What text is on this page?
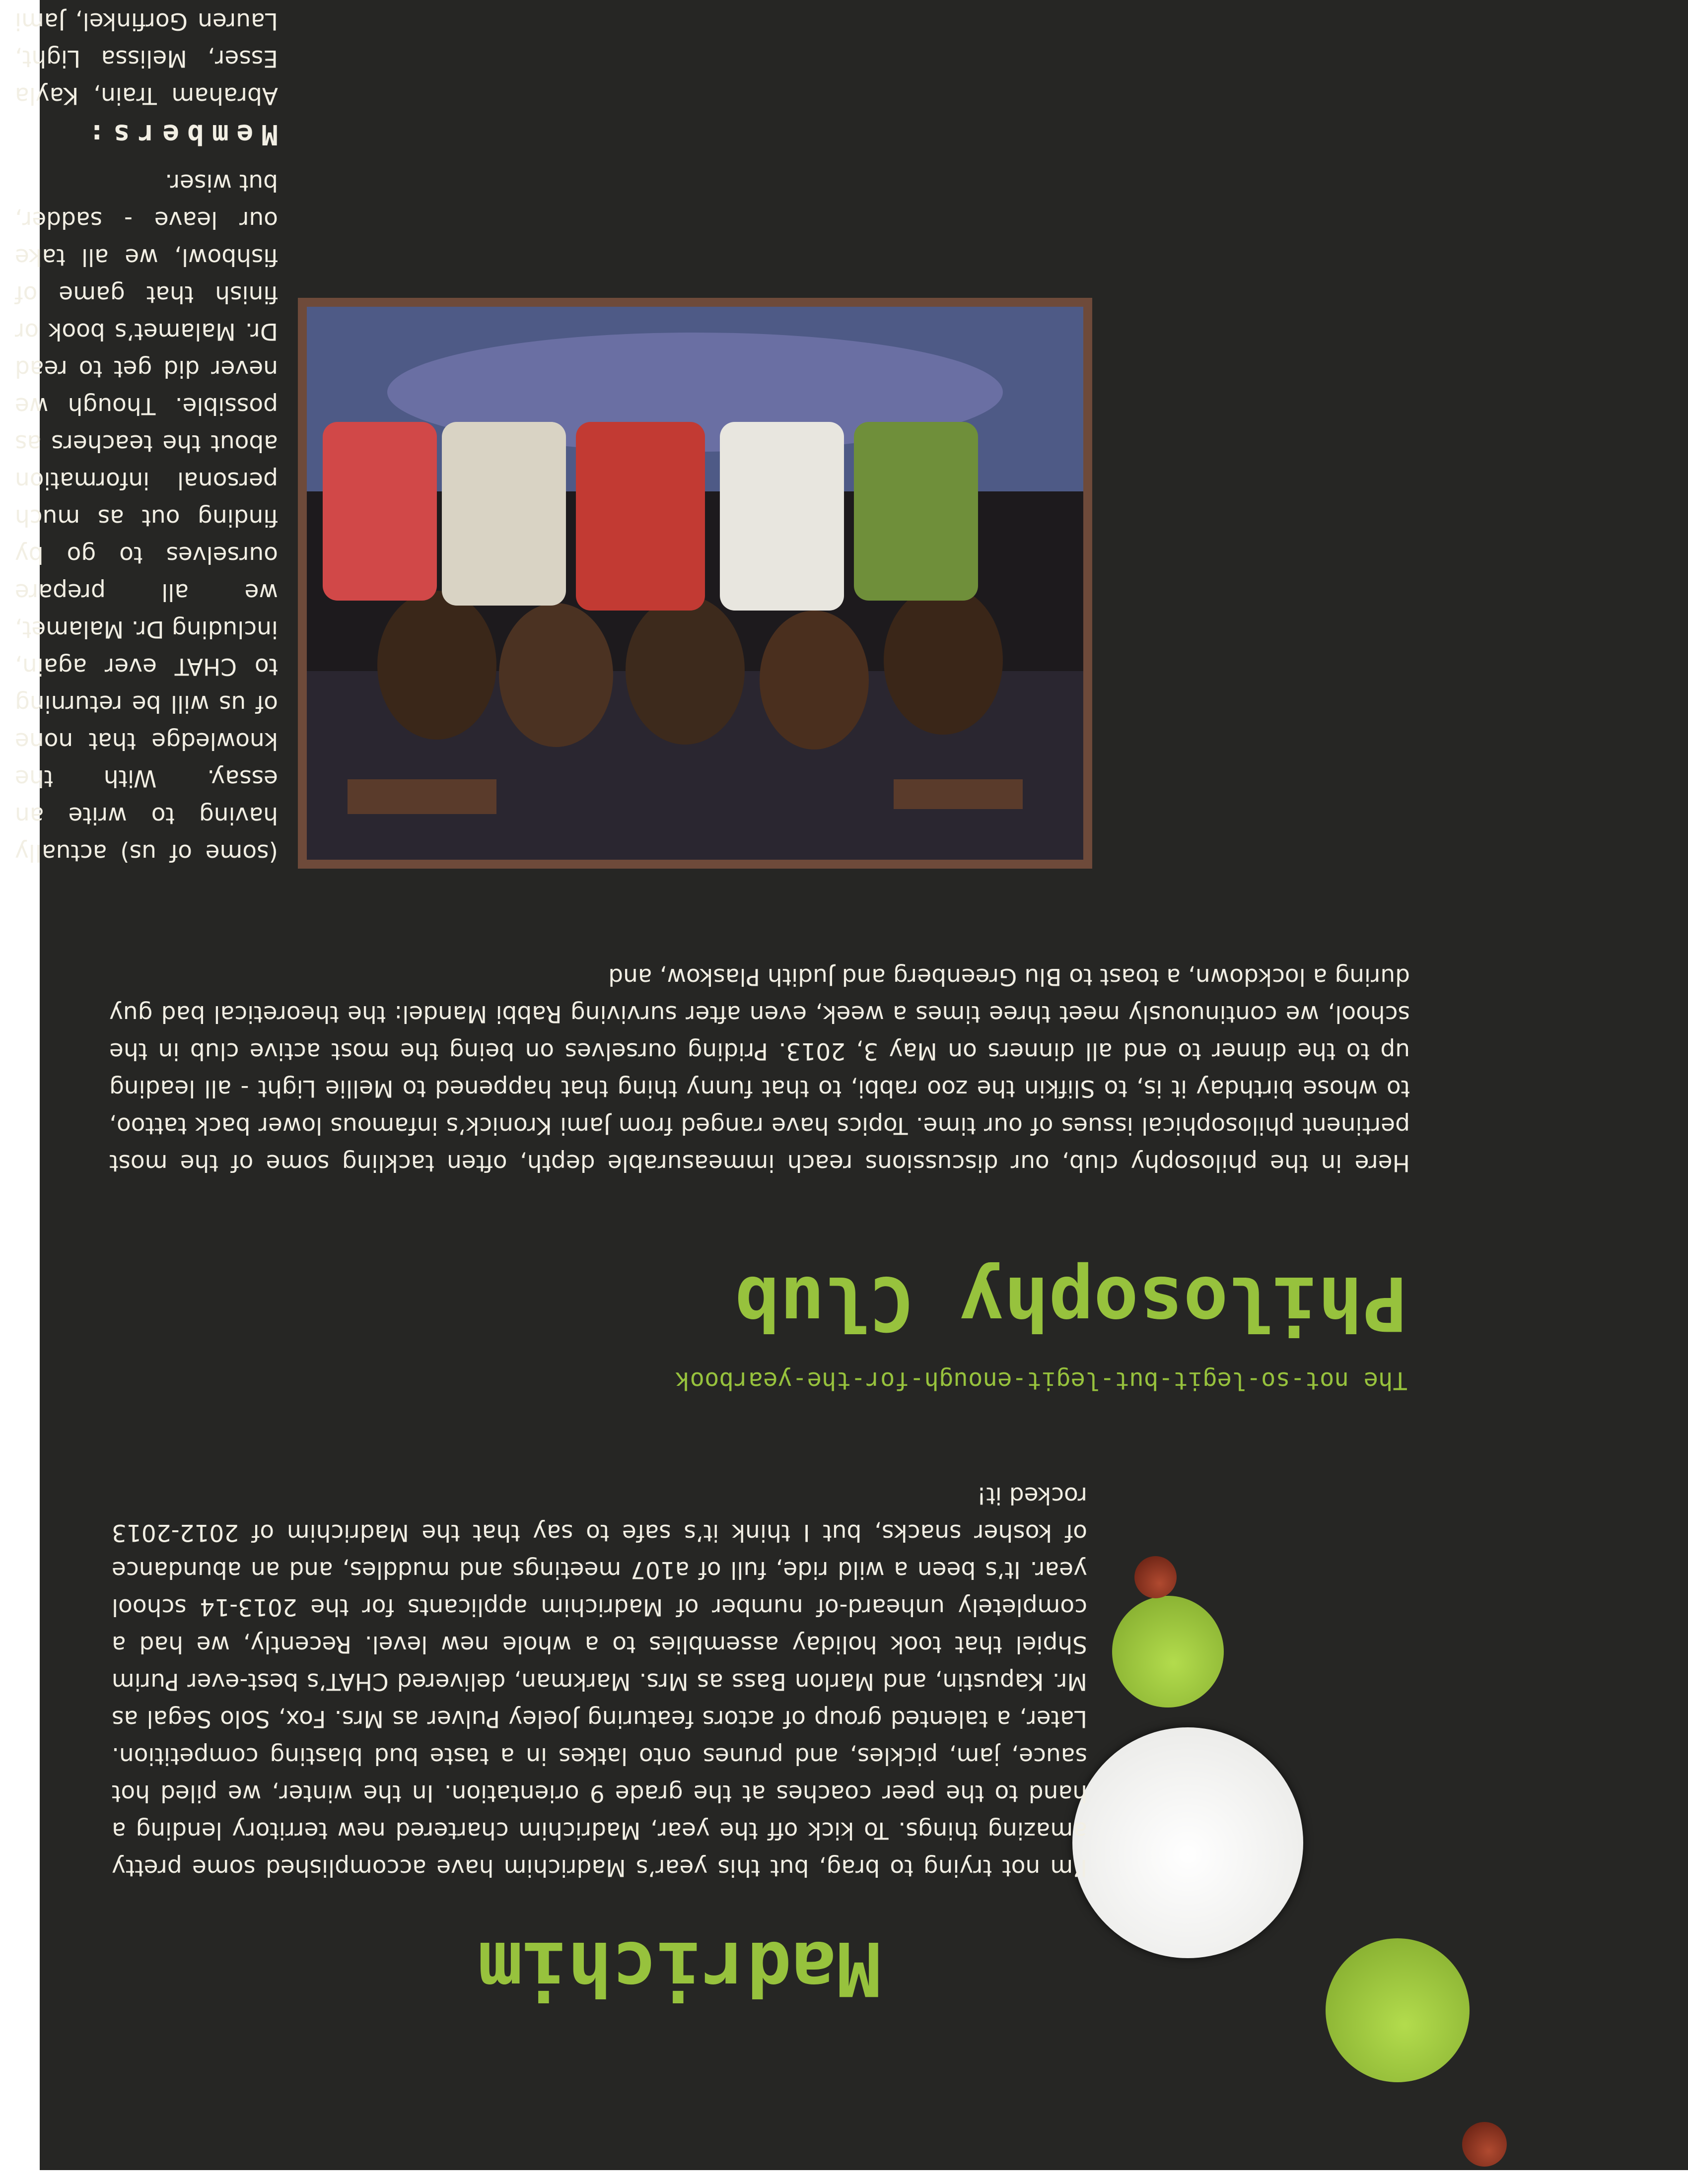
Madrichim

I’m not trying to brag, but this year’s Madrichim have accomplished some pretty amazing things. To kick off the year, Madrichim chartered new territory lending a hand to the peer coaches at the grade 9 orientation. In the winter, we piled hot sauce, jam, pickles, and prunes onto latkes in a taste bud blasting competition. Later, a talented group of actors featuring Joeley Pulver as Mrs. Fox, Solo Segal as Mr. Kapustin, and Marlon Bass as Mrs. Markman, delivered CHAT’s best-ever Purim Shpiel that took holiday assemblies to a whole new level. Recently, we had a completely unheard-of number of Madrichim applicants for the 2013-14 school year. It’s been a wild ride, full of a107 meetings and muddles, and an abundance of kosher snacks, but I think it’s safe to say that the Madrichim of 2012-2013 rocked it!

The not-so-legit-but-legit-enough-for-the-yearbook
Philosophy Club

Here in the philosophy club, our discussions reach immeasurable depth, often tackling some of the most pertinent philosophical issues of our time. Topics have ranged from Jami Kronick’s infamous lower back tattoo, to whose birthday it is, to Slifkin the zoo rabbi, to that funny thing that happened to Mellie Light - all leading up to the dinner to end all dinners on May 3, 2013. Priding ourselves on being the most active club in the school, we continuously meet three times a week, even after surviving Rabbi Mandel: the theoretical bad guy during a lockdown, a toast to Blu Greenberg and Judith Plaskow, and

(some of us) actually having to write an essay. With the knowledge that none of us will be returning to CHAT ever again, including Dr. Malamet, we all prepare ourselves to go by finding out as much personal information about the teachers as possible. Though we never did get to read Dr. Malamet’s book or finish that game of fishbowl, we all take our leave - sadder, but wiser.

Members: Abraham Train, Kayla Esser, Melissa Light, Lauren Gorfinkel, Jami
